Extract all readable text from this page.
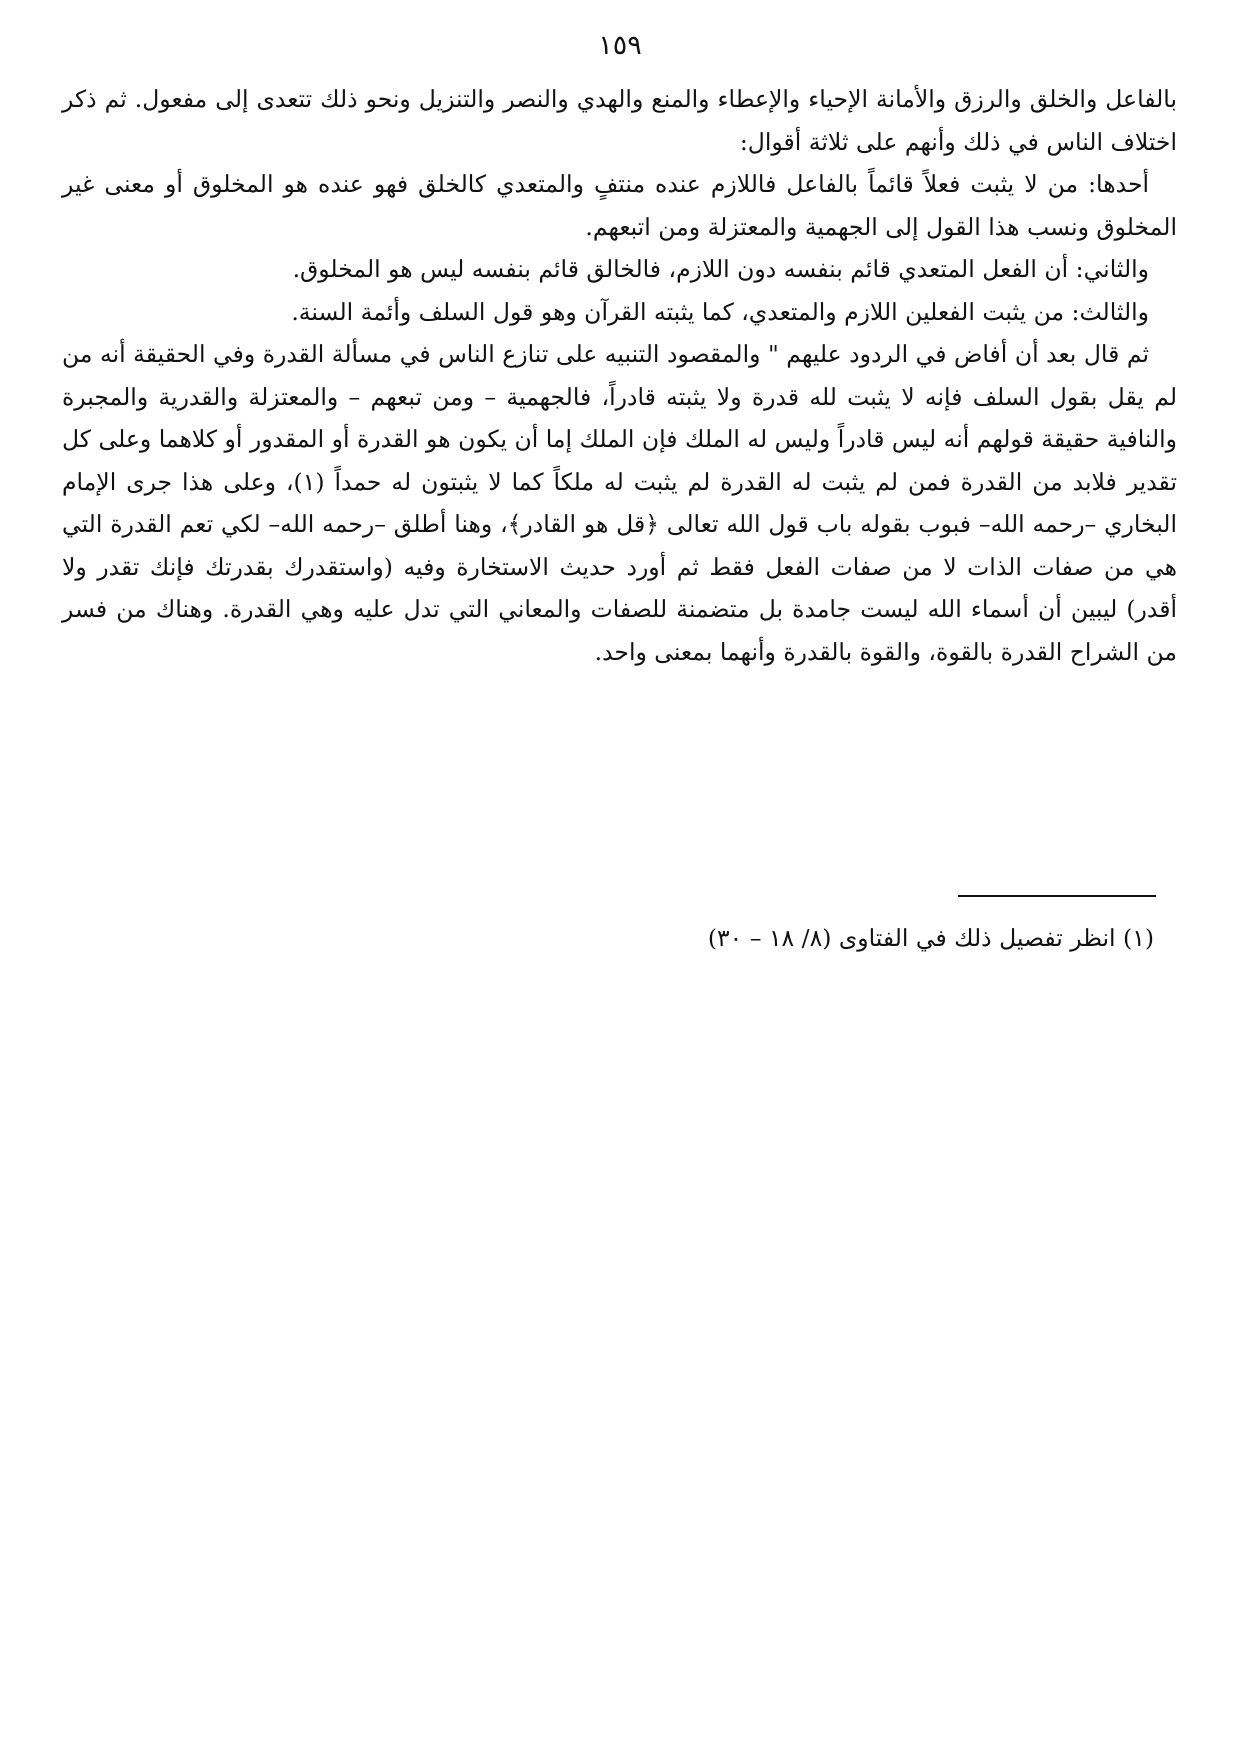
١٥٩

بالفاعل والخلق والرزق والأمانة الإحياء والإعطاء والمنع والهدي والنصر والتنزيل ونحو ذلك تتعدى إلى مفعول. ثم ذكر اختلاف الناس في ذلك وأنهم على ثلاثة أقوال:

أحدها: من لا يثبت فعلاً قائماً بالفاعل فاللازم عنده منتفٍ والمتعدي كالخلق فهو عنده هو المخلوق أو معنى غير المخلوق ونسب هذا القول إلى الجهمية والمعتزلة ومن اتبعهم.

والثاني: أن الفعل المتعدي قائم بنفسه دون اللازم، فالخالق قائم بنفسه ليس هو المخلوق.

والثالث: من يثبت الفعلين اللازم والمتعدي، كما يثبته القرآن وهو قول السلف وأئمة السنة.

ثم قال بعد أن أفاض في الردود عليهم " والمقصود التنبيه على تنازع الناس في مسألة القدرة وفي الحقيقة أنه من لم يقل بقول السلف فإنه لا يثبت لله قدرة ولا يثبته قادراً، فالجهمية – ومن تبعهم – والمعتزلة والقدرية والمجبرة والنافية حقيقة قولهم أنه ليس قادراً وليس له الملك فإن الملك إما أن يكون هو القدرة أو المقدور أو كلاهما وعلى كل تقدير فلابد من القدرة فمن لم يثبت له القدرة لم يثبت له ملكاً كما لا يثبتون له حمداً (١)، وعلى هذا جرى الإمام البخاري –رحمه الله– فبوب بقوله باب قول الله تعالى ﴿قل هو القادر﴾، وهنا أطلق –رحمه الله– لكي تعم القدرة التي هي من صفات الذات لا من صفات الفعل فقط ثم أورد حديث الاستخارة وفيه (واستقدرك بقدرتك فإنك تقدر ولا أقدر) ليبين أن أسماء الله ليست جامدة بل متضمنة للصفات والمعاني التي تدل عليه وهي القدرة. وهناك من فسر من الشراح القدرة بالقوة، والقوة بالقدرة وأنهما بمعنى واحد.

(١) انظر تفصيل ذلك في الفتاوى (٨/ ١٨ – ٣٠)
